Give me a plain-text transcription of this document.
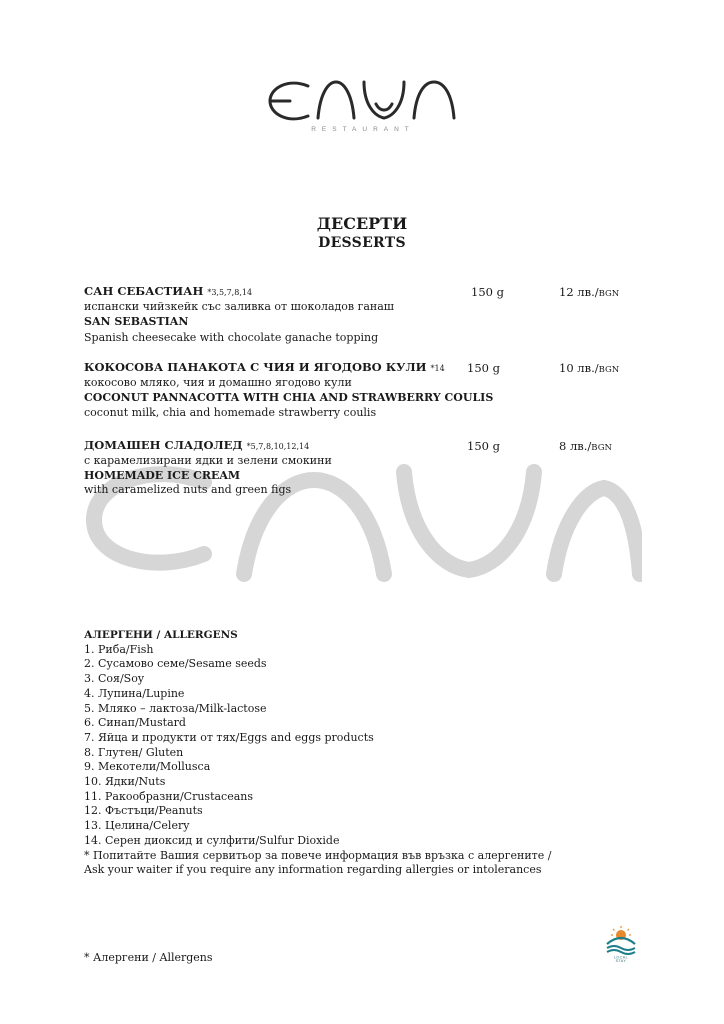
RESTAURANT
ДЕСЕРТИ
DESSERTS
САН СЕБАСТИАН *3,5,7,8,14	150 g	12 лв./BGN
испански чийзкейк със заливка от шоколадов ганаш
SAN SEBASTIAN
Spanish cheesecake with chocolate ganache topping
КОКОСОВА ПАНАКОТА С ЧИЯ И ЯГОДОВО КУЛИ *14 150 g	10 лв./BGN
кокосово мляко, чия и домашно ягодово кули
COCONUT PANNACOTTA WITH CHIA AND STRAWBERRY COULIS
coconut milk, chia and homemade strawberry coulis
ДОМАШЕН СЛАДОЛЕД *5,7,8,10,12,14	150 g	8 лв./BGN
с карамелизирани ядки и зелени смокини
HOMEMADE ICE CREAM
with caramelized nuts and green figs
АЛЕРГЕНИ / ALLERGENS
1. Риба/Fish
2. Сусамово семе/Sesame seeds
3. Соя/Soy
4. Лупина/Lupine
5. Мляко – лактоза/Milk-lactose
6. Синап/Mustard
7. Яйца и продукти от тях/Eggs and eggs products
8. Глутен/ Gluten
9. Мекотели/Mollusca
10. Ядки/Nuts
11. Ракообразни/Crustaceans
12. Фъстъци/Peanuts
13. Целина/Celery
14. Серен диоксид и сулфити/Sulfur Dioxide
* Попитайте Вашия сервитьор за повече информация във връзка с алергените /
Ask your waiter if you require any information regarding allergies or intolerances
* Алергени / Allergens	LOCAL
STAY
